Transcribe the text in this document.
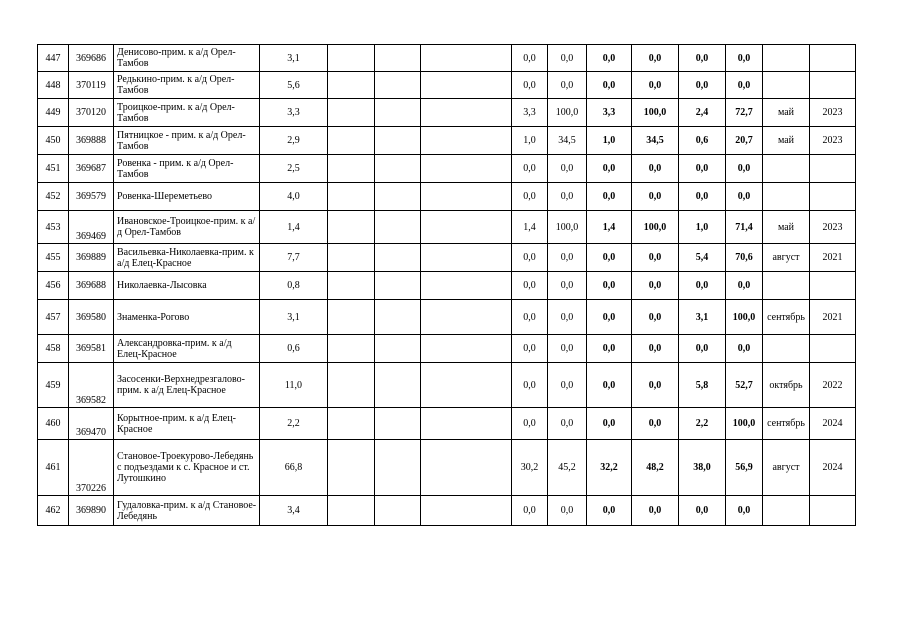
447	369686	Денисово-прим. к а/д Орел-Тамбов	3,1				0,0	0,0	0,0	0,0	0,0	0,0		
448	370119	Редькино-прим. к а/д Орел-Тамбов	5,6				0,0	0,0	0,0	0,0	0,0	0,0		
449	370120	Троицкое-прим. к а/д Орел-Тамбов	3,3				3,3	100,0	3,3	100,0	2,4	72,7	май	2023
450	369888	Пятницкое - прим. к а/д Орел-Тамбов	2,9				1,0	34,5	1,0	34,5	0,6	20,7	май	2023
451	369687	Ровенка - прим. к а/д Орел-Тамбов	2,5				0,0	0,0	0,0	0,0	0,0	0,0		
452	369579	Ровенка-Шереметьево	4,0				0,0	0,0	0,0	0,0	0,0	0,0		
453	369469	Ивановское-Троицкое-прим. к а/д Орел-Тамбов	1,4				1,4	100,0	1,4	100,0	1,0	71,4	май	2023
455	369889	Васильевка-Николаевка-прим. к а/д Елец-Красное	7,7				0,0	0,0	0,0	0,0	5,4	70,6	август	2021
456	369688	Николаевка-Лысовка	0,8				0,0	0,0	0,0	0,0	0,0	0,0		
457	369580	Знаменка-Рогово	3,1				0,0	0,0	0,0	0,0	3,1	100,0	сентябрь	2021
458	369581	Александровка-прим. к а/д Елец-Красное	0,6				0,0	0,0	0,0	0,0	0,0	0,0		
459	369582	Засосенки-Верхнедрезгалово-прим. к а/д Елец-Красное	11,0				0,0	0,0	0,0	0,0	5,8	52,7	октябрь	2022
460	369470	Корытное-прим. к а/д Елец-Красное	2,2				0,0	0,0	0,0	0,0	2,2	100,0	сентябрь	2024
461	370226	Становое-Троекурово-Лебедянь с подъездами к с. Красное и ст. Лутошкино	66,8				30,2	45,2	32,2	48,2	38,0	56,9	август	2024
462	369890	Гудаловка-прим. к а/д Становое-Лебедянь	3,4				0,0	0,0	0,0	0,0	0,0	0,0		
